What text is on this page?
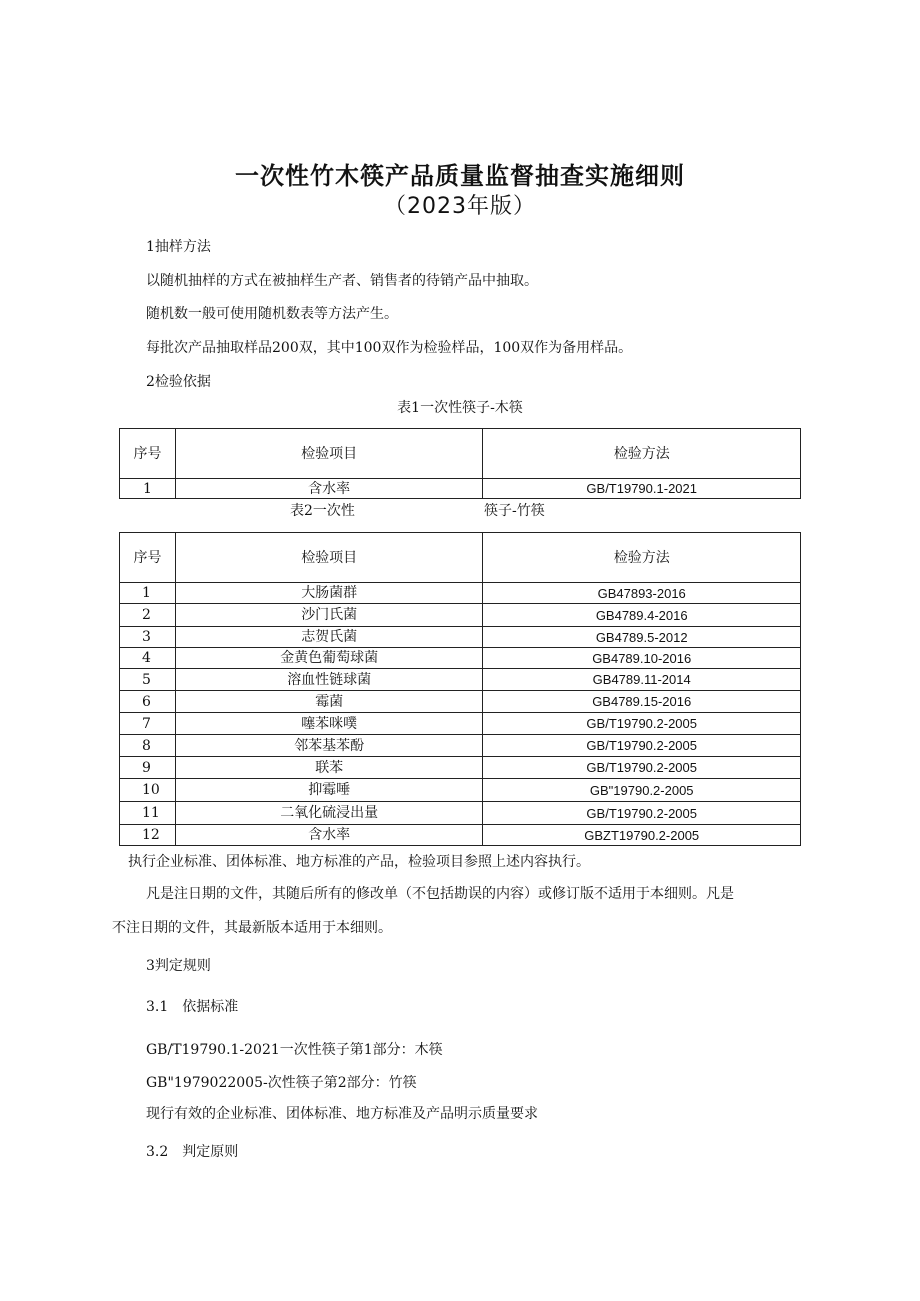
一次性竹木筷产品质量监督抽查实施细则
（2023年版）
1抽样方法
以随机抽样的方式在被抽样生产者、销售者的待销产品中抽取。
随机数一般可使用随机数表等方法产生。
每批次产品抽取样品200双，其中100双作为检验样品，100双作为备用样品。
2检验依据
表1一次性筷子-木筷
序号	检验项目	检验方法
1	含水率	GB/T19790.1-2021
表2一次性	筷子-竹筷
序号	检验项目	检验方法
1	大肠菌群	GB47893-2016
2	沙门氏菌	GB4789.4-2016
3	志贺氏菌	GB4789.5-2012
4	金黄色葡萄球菌	GB4789.10-2016
5	溶血性链球菌	GB4789.11-2014
6	霉菌	GB4789.15-2016
7	噻苯咪噗	GB/T19790.2-2005
8	邻苯基苯酚	GB/T19790.2-2005
9	联苯	GB/T19790.2-2005
10	抑霉唾	GB"19790.2-2005
11	二氧化硫浸出量	GB/T19790.2-2005
12	含水率	GBZT19790.2-2005
执行企业标准、团体标准、地方标准的产品，检验项目参照上述内容执行。
凡是注日期的文件，其随后所有的修改单（不包括勘误的内容）或修订版不适用于本细则。凡是
不注日期的文件，其最新版本适用于本细则。
3判定规则
3.1　依据标准
GB/T19790.1-2021一次性筷子第1部分：木筷
GB"1979022005-次性筷子第2部分：竹筷
现行有效的企业标准、团体标准、地方标准及产品明示质量要求
3.2　判定原则
